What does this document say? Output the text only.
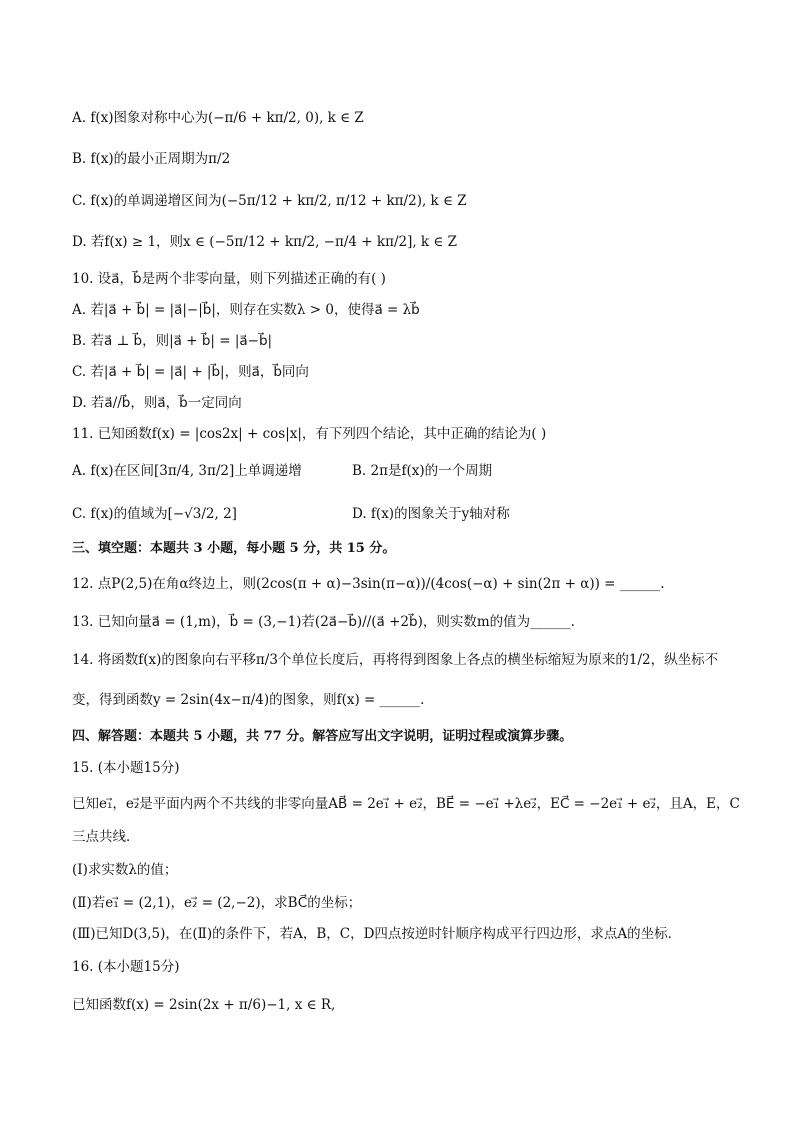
A. f(x)图象对称中心为(−π/6 + kπ/2, 0), k ∈ Z
B. f(x)的最小正周期为π/2
C. f(x)的单调递增区间为(−5π/12 + kπ/2, π/12 + kπ/2), k ∈ Z
D. 若f(x) ≥ 1，则x ∈ (−5π/12 + kπ/2, −π/4 + kπ/2], k ∈ Z
10. 设a⃗，b⃗是两个非零向量，则下列描述正确的有( )
A. 若|a⃗ + b⃗| = |a⃗|−|b⃗|，则存在实数λ > 0，使得a⃗ = λb⃗
B. 若a⃗ ⊥ b⃗，则|a⃗ + b⃗| = |a⃗−b⃗|
C. 若|a⃗ + b⃗| = |a⃗| + |b⃗|，则a⃗，b⃗同向
D. 若a⃗//b⃗，则a⃗，b⃗一定同向
11. 已知函数f(x) = |cos2x| + cos|x|，有下列四个结论，其中正确的结论为( )
A. f(x)在区间[3π/4, 3π/2]上单调递增	B. 2π是f(x)的一个周期
C. f(x)的值域为[−√3/2, 2]	D. f(x)的图象关于y轴对称
三、填空题：本题共 3 小题，每小题 5 分，共 15 分。
12. 点P(2,5)在角α终边上，则(2cos(π + α)−3sin(π−α))/(4cos(−α) + sin(2π + α)) = ______.
13. 已知向量a⃗ = (1,m)，b⃗ = (3,−1)若(2a⃗−b⃗)//(a⃗ +2b⃗)，则实数m的值为______.
14. 将函数f(x)的图象向右平移π/3个单位长度后，再将得到图象上各点的横坐标缩短为原来的1/2，纵坐标不
变，得到函数y = 2sin(4x−π/4)的图象，则f(x) = ______.
四、解答题：本题共 5 小题，共 77 分。解答应写出文字说明，证明过程或演算步骤。
15. (本小题15分)
已知e₁⃗，e₂⃗是平面内两个不共线的非零向量AB⃗ = 2e₁⃗ + e₂⃗，BE⃗ = −e₁⃗ +λe₂⃗，EC⃗ = −2e₁⃗ + e₂⃗，且A，E，C
三点共线．
(Ⅰ)求实数λ的值；
(Ⅱ)若e₁⃗ = (2,1)，e₂⃗ = (2,−2)，求BC⃗的坐标；
(Ⅲ)已知D(3,5)，在(Ⅱ)的条件下，若A，B，C，D四点按逆时针顺序构成平行四边形，求点A的坐标．
16. (本小题15分)
已知函数f(x) = 2sin(2x + π/6)−1, x ∈ R,
